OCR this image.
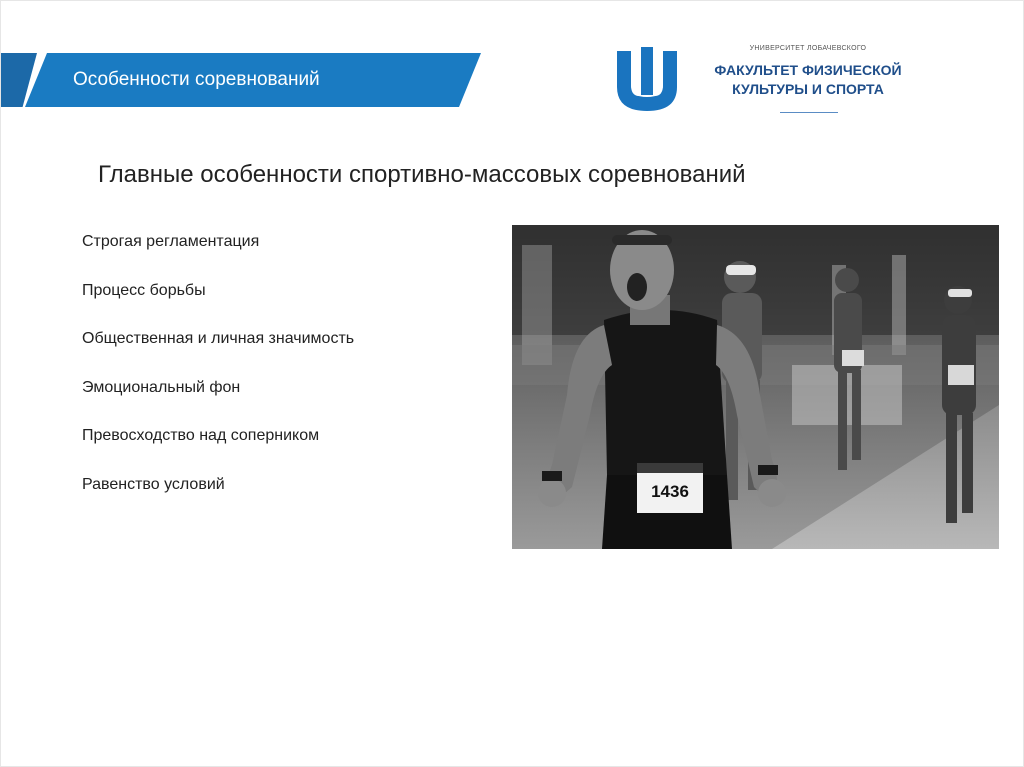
Особенности соревнований
УНИВЕРСИТЕТ ЛОБАЧЕВСКОГО
ФАКУЛЬТЕТ ФИЗИЧЕСКОЙ
КУЛЬТУРЫ И СПОРТА
Главные особенности спортивно-массовых соревнований
Строгая регламентация
Процесс борьбы
Общественная и личная значимость
Эмоциональный фон
Превосходство над соперником
Равенство условий	1436
